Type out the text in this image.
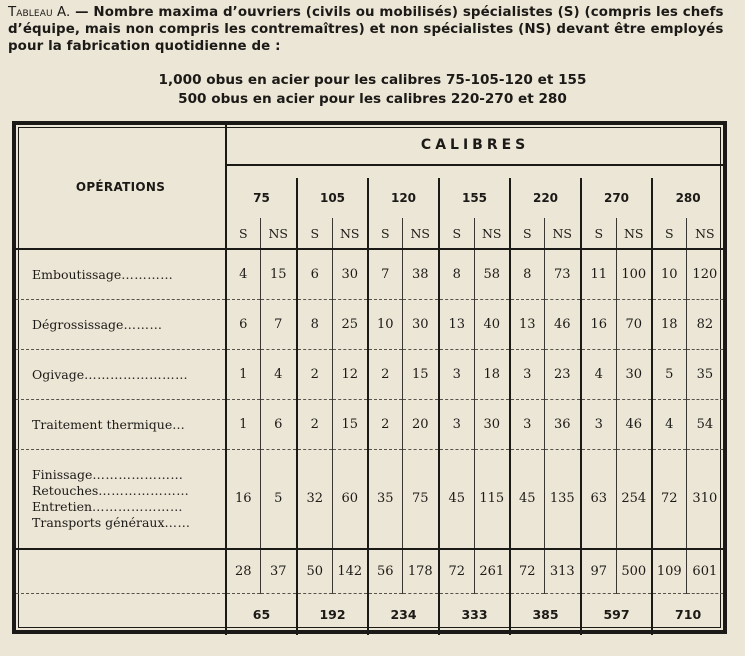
Tableau A. — Nombre maxima d’ouvriers (civils ou mobilisés) spécialistes (S) (compris les chefs d’équipe, mais non compris les contremaîtres) et non spécialistes (NS) devant être employés pour la fabrication quotidienne de :
1,000 obus en acier pour les calibres 75-105-120 et 155
500 obus en acier pour les calibres 220-270 et 280
OPÉRATIONS	CALIBRES													

	75		105		120		155		220		270		280	
	S	NS	S	NS	S	NS	S	NS	S	NS	S	NS	S	NS
Emboutissage…………	4	15	6	30	7	38	8	58	8	73	11	100	10	120
Dégrossissage………	6	7	8	25	10	30	13	40	13	46	16	70	18	82
Ogivage……………………	1	4	2	12	2	15	3	18	3	23	4	30	5	35
Traitement thermique…	1	6	2	15	2	20	3	30	3	36	3	46	4	54

Finissage…………………
Retouches…………………
Entretien…………………
Transports généraux……	16	5	32	60	35	75	45	115	45	135	63	254	72	310
	28	37	50	142	56	178	72	261	72	313	97	500	109	601
	65		192		234		333		385		597		710	
